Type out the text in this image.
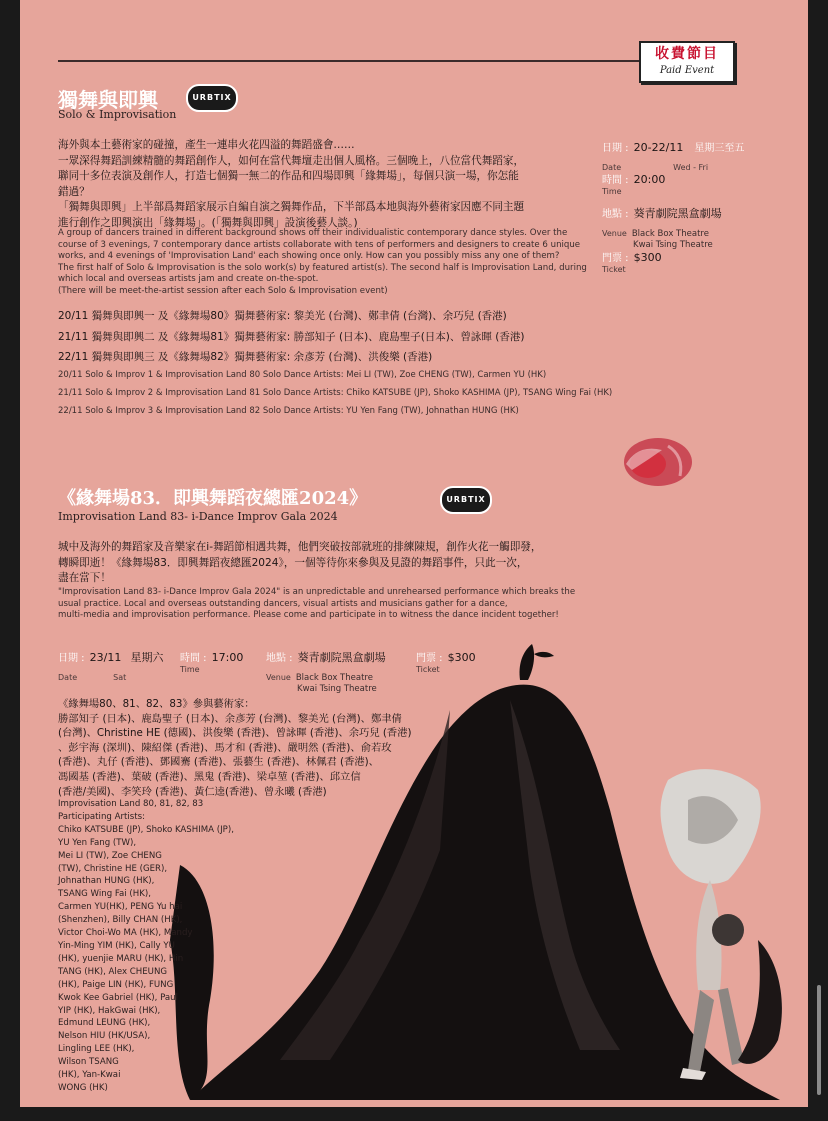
收費節目
Paid Event
獨舞與即興	URBTIX
Solo & Improvisation
海外與本土藝術家的碰撞，產生一連串火花四溢的舞蹈盛會……
一眾深得舞蹈訓練精髓的舞蹈創作人，如何在當代舞壇走出個人風格。三個晚上，八位當代舞蹈家，
聯同十多位表演及創作人，打造七個獨一無二的作品和四場即興「緣舞場」，每個只演一場，你怎能
錯過？
「獨舞與即興」上半部爲舞蹈家展示自編自演之獨舞作品，下半部爲本地與海外藝術家因應不同主題
進行創作之即興演出「緣舞場」。(「獨舞與即興」設演後藝人談。)
A group of dancers trained in different background shows off their individualistic contemporary dance styles. Over the
course of 3 evenings, 7 contemporary dance artists collaborate with tens of performers and designers to create 6 unique
works, and 4 evenings of 'Improvisation Land' each showing once only. How can you possibly miss any one of them?
The first half of Solo & Improvisation is the solo work(s) by featured artist(s). The second half is Improvisation Land, during
which local and overseas artists jam and create on-the-spot.
(There will be meet-the-artist session after each Solo & Improvisation event)
20/11 獨舞與即興一 及《緣舞場80》獨舞藝術家: 黎美光 (台灣)、鄭聿倩 (台灣)、余巧兒 (香港)
21/11 獨舞與即興二 及《緣舞場81》獨舞藝術家: 勝部知子 (日本)、鹿島聖子(日本)、曾詠暉 (香港)
22/11 獨舞與即興三 及《緣舞場82》獨舞藝術家: 余彥芳 (台灣)、洪俊樂 (香港)
20/11 Solo & Improv 1 & Improvisation Land 80 Solo Dance Artists: Mei LI (TW), Zoe CHENG (TW), Carmen YU (HK)
21/11 Solo & Improv 2 & Improvisation Land 81 Solo Dance Artists: Chiko KATSUBE (JP), Shoko KASHIMA (JP), TSANG Wing Fai (HK)
22/11 Solo & Improv 3 & Improvisation Land 82 Solo Dance Artists: YU Yen Fang (TW), Johnathan HUNG (HK)
日期 : 20-22/11 星期三至五
Date	Wed - Fri
時間 : 20:00
Time
地點 : 葵青劇院黑盒劇場
Venue Black Box Theatre
Kwai Tsing Theatre
門票 : $300
Ticket
《緣舞場83．即興舞蹈夜總匯2024》	URBTIX
Improvisation Land 83- i-Dance Improv Gala 2024
城中及海外的舞蹈家及音樂家在i-舞蹈節相遇共舞，他們突破按部就班的排練陳規，創作火花一觸即發，
轉瞬即逝！《緣舞場83．即興舞蹈夜總匯2024》，一個等待你來參與及見證的舞蹈事件，只此一次，
盡在當下！
"Improvisation Land 83- i-Dance Improv Gala 2024" is an unpredictable and unrehearsed performance which breaks the
usual practice. Local and overseas outstanding dancers, visual artists and musicians gather for a dance,
multi-media and improvisation performance. Please come and participate in to witness the dance incident together!
日期 : 23/11 星期六
Date	Sat
時間 : 17:00
Time
地點 : 葵青劇院黑盒劇場
Venue Black Box Theatre
Kwai Tsing Theatre
門票 : $300
Ticket
《緣舞場80、81、82、83》參與藝術家：
勝部知子 (日本)、鹿島聖子 (日本)、余彥芳 (台灣)、黎美光 (台灣)、鄭聿倩
(台灣)、Christine HE (德國)、洪俊樂 (香港)、曾詠暉 (香港)、余巧兒 (香港)
、彭宇海 (深圳)、陳紹傑 (香港)、馬才和 (香港)、嚴明然 (香港)、俞若玫
(香港)、丸仔 (香港)、鄧國騫 (香港)、張藝生 (香港)、林佩君 (香港)、
馮國基 (香港)、葉破 (香港)、黑鬼 (香港)、梁卓堃 (香港)、邱立信
(香港/美國)、李笑玲 (香港)、黃仁逵(香港)、曾永曦 (香港)
Improvisation Land 80, 81, 82, 83
Participating Artists:
Chiko KATSUBE (JP), Shoko KASHIMA (JP),
YU Yen Fang (TW),
Mei LI (TW), Zoe CHENG
(TW), Christine HE (GER),
Johnathan HUNG (HK),
TSANG Wing Fai (HK),
Carmen YU(HK), PENG Yu hai
(Shenzhen), Billy CHAN (HK),
Victor Choi-Wo MA (HK), Mandy
Yin-Ming YIM (HK), Cally YU
(HK), yuenjie MARU (HK), Hin
TANG (HK), Alex CHEUNG
(HK), Paige LIN (HK), FUNG
Kwok Kee Gabriel (HK), Paul
YIP (HK), HakGwai (HK),
Edmund LEUNG (HK),
Nelson HIU (HK/USA),
Lingling LEE (HK),
Wilson TSANG
(HK), Yan-Kwai
WONG (HK)
